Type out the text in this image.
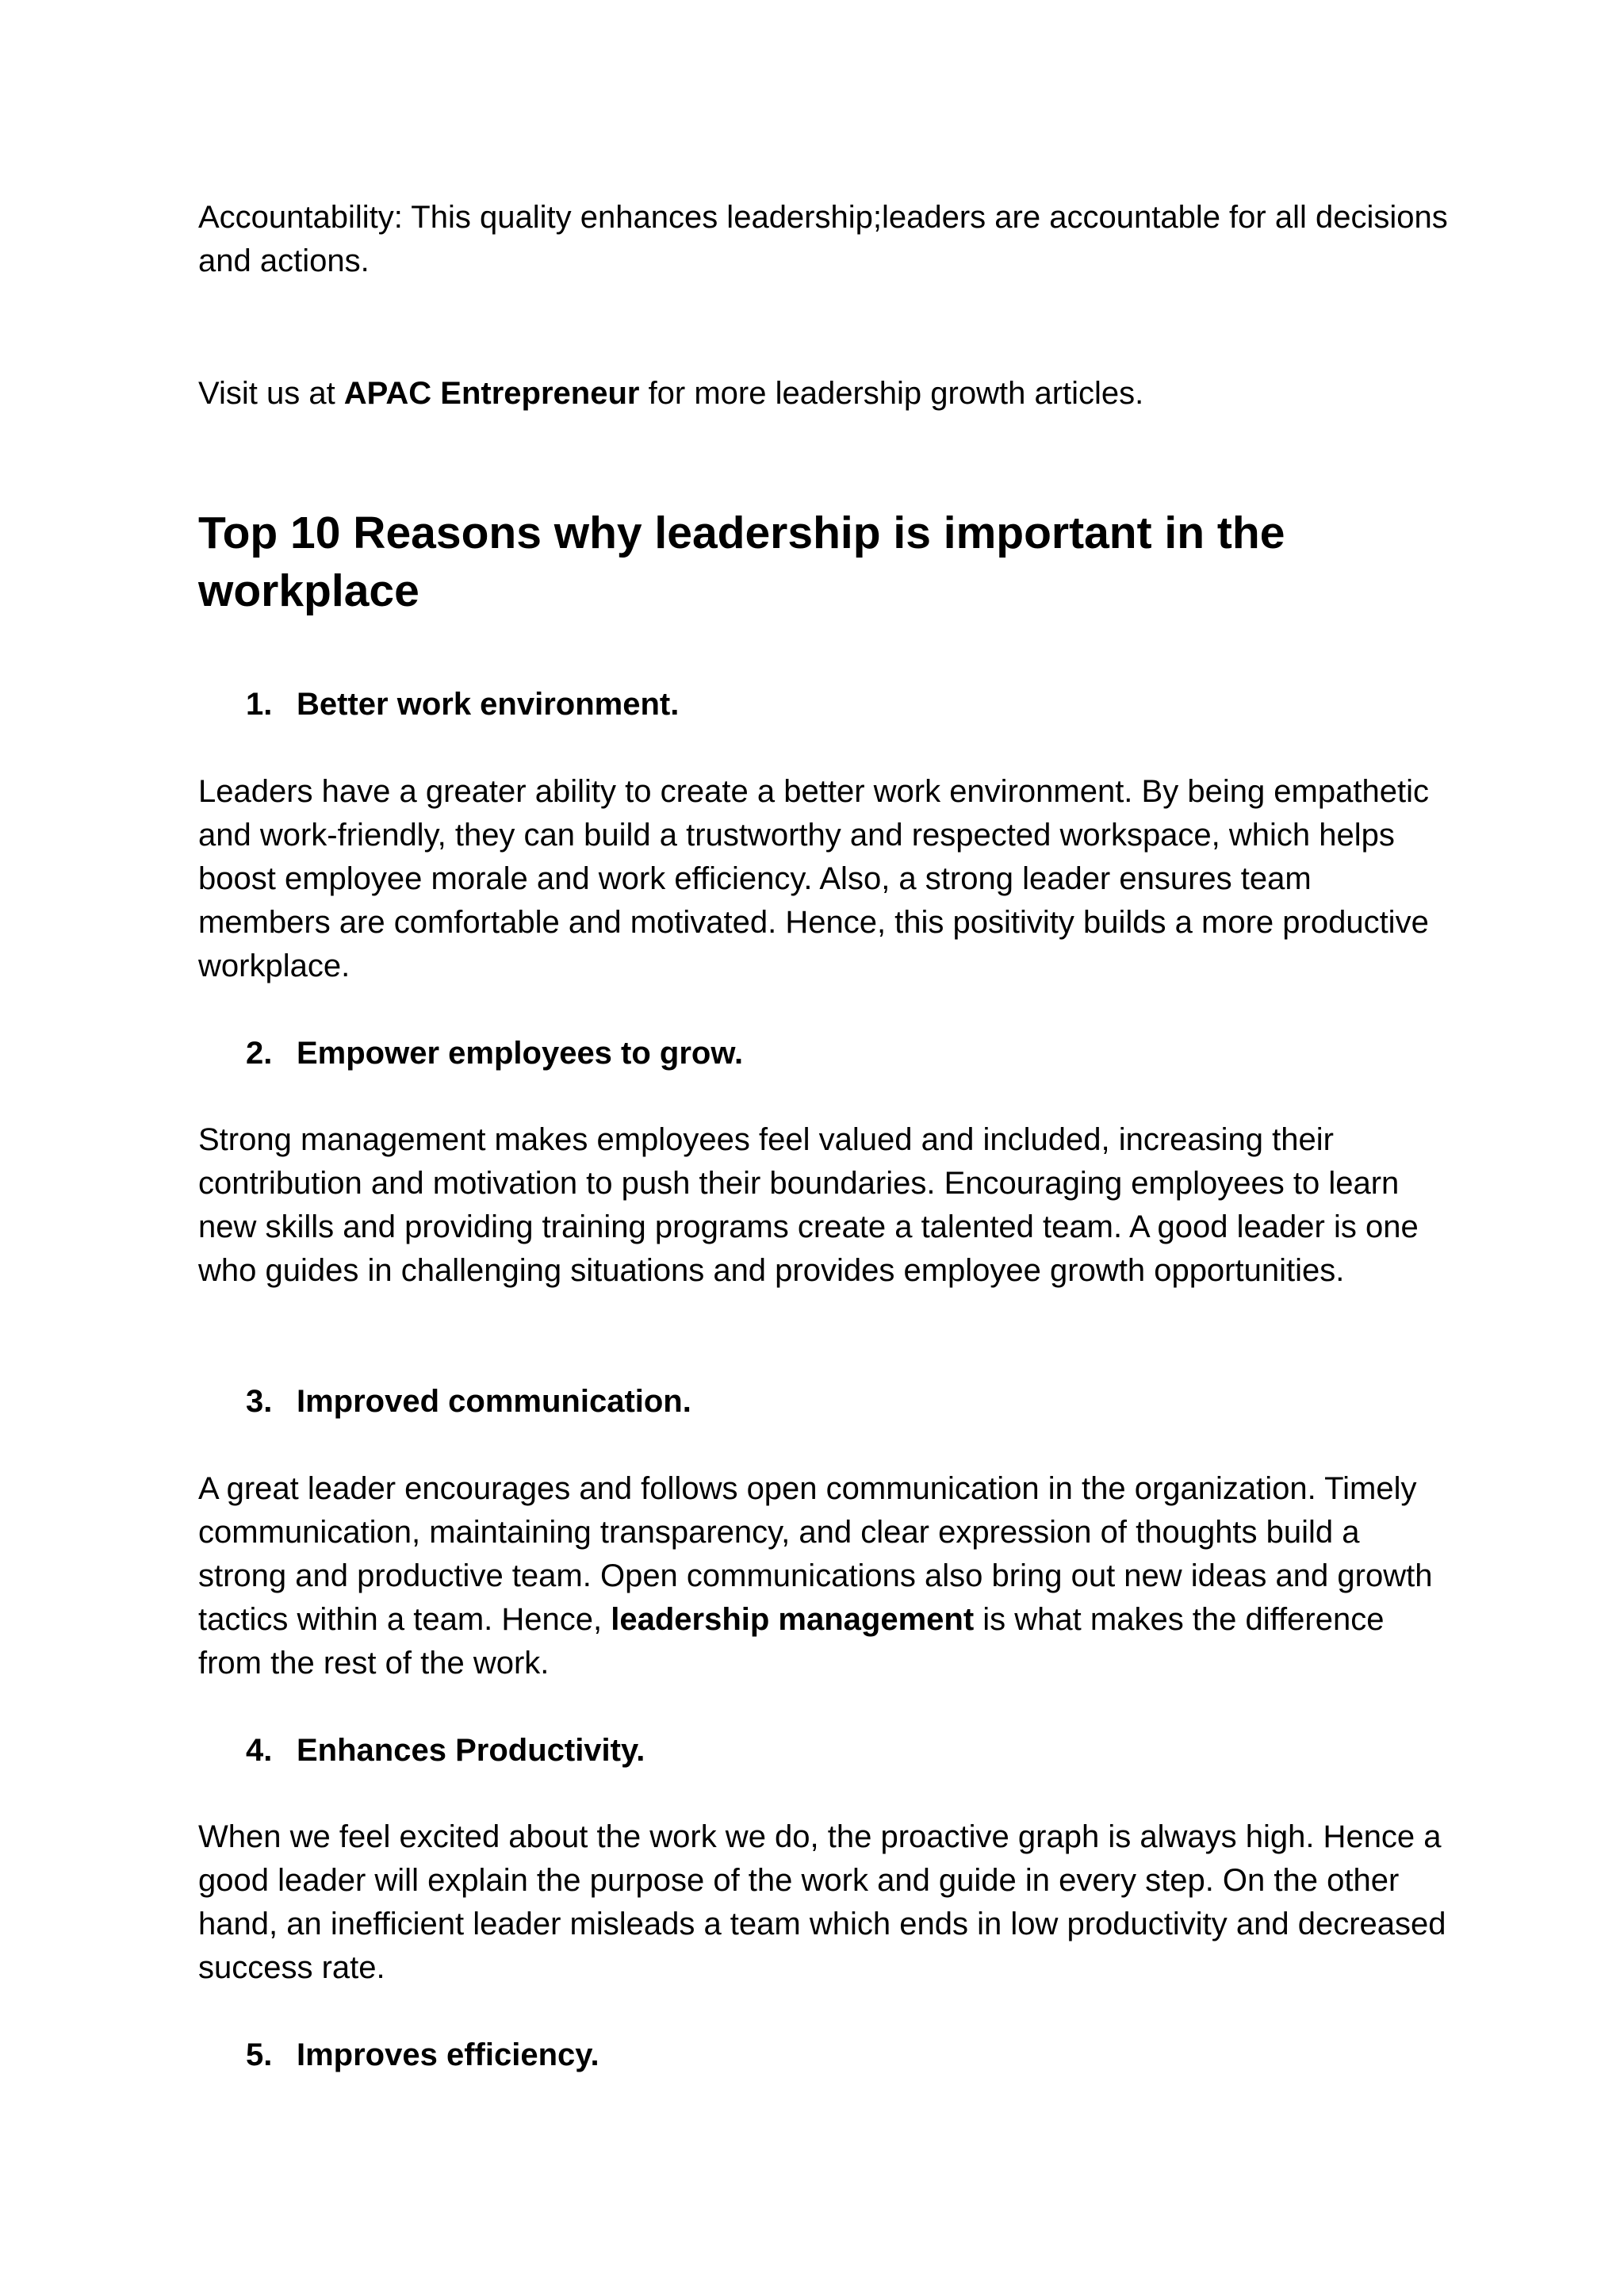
Accountability: This quality enhances leadership;leaders are accountable for all decisions and actions.

Visit us at APAC Entrepreneur for more leadership growth articles.

Top 10 Reasons why leadership is important in the workplace
1. Better work environment.

Leaders have a greater ability to create a better work environment. By being empathetic and work-friendly, they can build a trustworthy and respected workspace, which helps boost employee morale and work efficiency. Also, a strong leader ensures team members are comfortable and motivated. Hence, this positivity builds a more productive workplace.

2. Empower employees to grow.

Strong management makes employees feel valued and included, increasing their contribution and motivation to push their boundaries. Encouraging employees to learn new skills and providing training programs create a talented team. A good leader is one who guides in challenging situations and provides employee growth opportunities.

3. Improved communication.

A great leader encourages and follows open communication in the organization. Timely communication, maintaining transparency, and clear expression of thoughts build a strong and productive team. Open communications also bring out new ideas and growth tactics within a team. Hence, leadership management is what makes the difference from the rest of the work.

4. Enhances Productivity.

When we feel excited about the work we do, the proactive graph is always high. Hence a good leader will explain the purpose of the work and guide in every step. On the other hand, an inefficient leader misleads a team which ends in low productivity and decreased success rate.

5. Improves efficiency.
